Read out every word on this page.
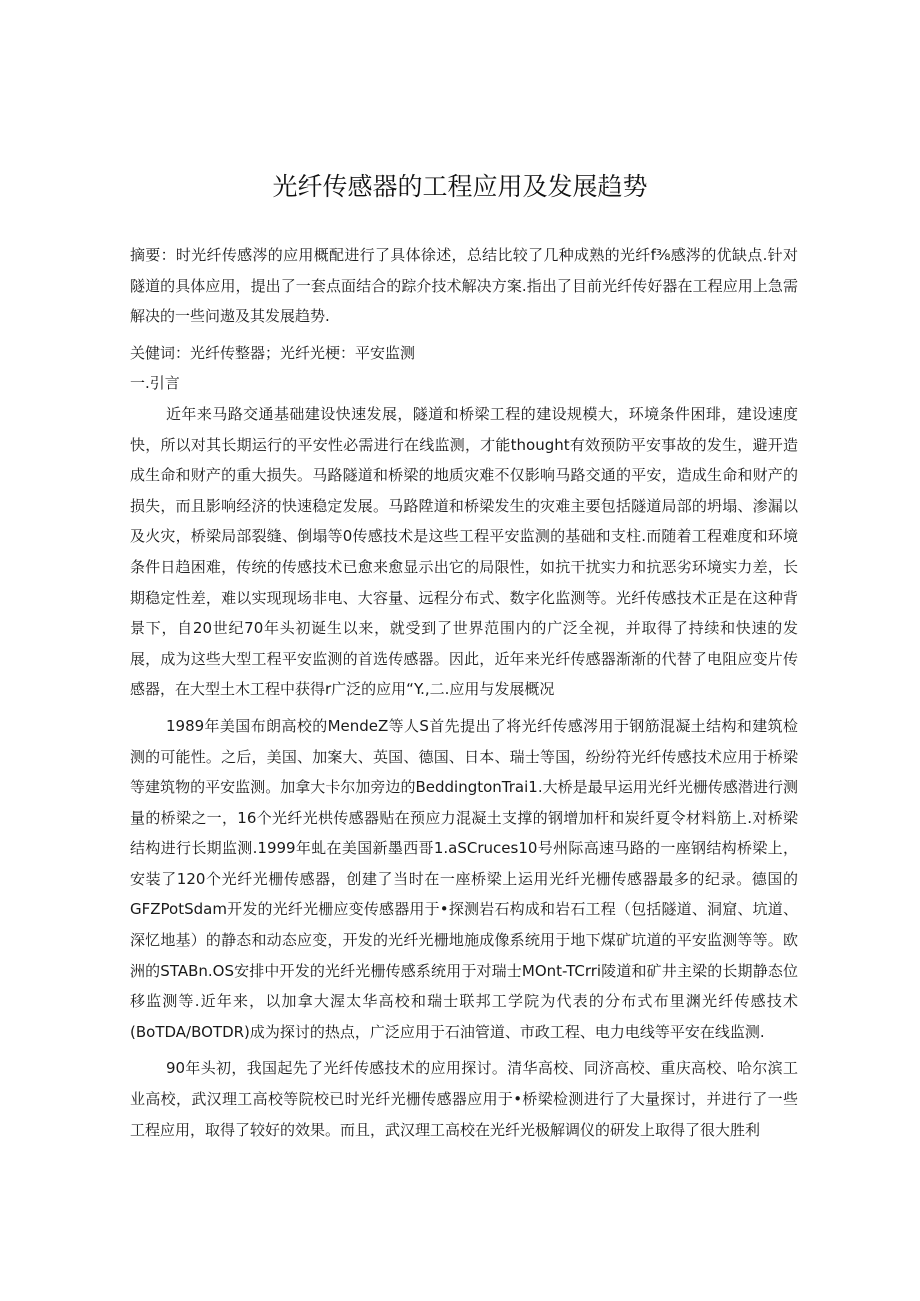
光纤传感器的工程应用及发展趋势

摘要：时光纤传感涔的应用概配进行了具体徐述，总结比较了几种成熟的光纤f⅜感涔的优缺点.针对隧道的具体应用，提出了一套点面结合的踪介技术解决方案.指出了目前光纤传好器在工程应用上急需解决的一些问遨及其发展趋势.

关健词：光纤传整器；光纤光梗：平安监测

一.引言

近年来马路交通基础建设快速发展，隧道和桥梁工程的建设规模大，环境条件困琲，建设速度快，所以对其长期运行的平安性必需进行在线监测，才能thought有效预防平安事故的发生，避开造成生命和财产的重大损失。马路隧道和桥梁的地质灾难不仅影响马路交通的平安，造成生命和财产的损失，而且影响经济的快速稳定发展。马路陞道和桥梁发生的灾难主要包括隧道局部的坍塌、渗漏以及火灾，桥梁局部裂缝、倒塌等0传感技术是这些工程平安监测的基础和支柱.而随着工程难度和环境条件日趋困难，传统的传感技术已愈来愈显示出它的局限性，如抗干扰实力和抗恶劣环境实力差，长期稳定性差，难以实现现场非电、大容量、远程分布式、数字化监测等。光纤传感技术正是在这种背景下，自20世纪70年头初诞生以来，就受到了世界范围内的广泛全视，并取得了持续和快速的发展，成为这些大型工程平安监测的首选传感器。因此，近年来光纤传感器渐渐的代替了电阻应变片传感器，在大型土木工程中获得r广泛的应用“Y.,二.应用与发展概况

1989年美国布朗高校的MendeZ等人S首先提出了将光纤传感涔用于钢筋混凝土结构和建筑检测的可能性。之后，美国、加案大、英国、德国、日本、瑞士等国，纷纷符光纤传感技术应用于桥梁等建筑物的平安监测。加拿大卡尔加旁边的BeddingtonTrai1.大桥是最早运用光纤光栅传感潜进行测量的桥梁之一，16个光纤光栱传感器贴在预应力混凝土支撑的钢增加杆和炭纤夏令材料筋上.对桥梁结构进行长期监测.1999年虬在美国新墨西哥1.aSCruces10号州际高速马路的一座钢结构桥梁上，安装了120个光纤光栅传感器，创建了当时在一座桥梁上运用光纤光栅传感器最多的纪录。德国的GFZPotSdam开发的光纤光栅应变传感器用于•探测岩石构成和岩石工程（包括隧道、洞窟、坑道、深忆地基）的静态和动态应变，开发的光纤光栅地施成像系统用于地下煤矿坑道的平安监测等等。欧洲的STABn.OS安排中开发的光纤光栅传感系统用于对瑞士MOnt-TCrri陵道和矿井主梁的长期静态位移监测等.近年来，以加拿大渥太华高校和瑞士联邦工学院为代表的分布式布里渊光纤传感技术(BoTDA/BOTDR)成为探讨的热点，广泛应用于石油管道、市政工程、电力电线等平安在线监测.

90年头初，我国起先了光纤传感技术的应用探讨。清华高校、同济高校、重庆高校、哈尔滨工业高校，武汉理工高校等院校已时光纤光栅传感器应用于•桥梁检测进行了大量探讨，并进行了一些工程应用，取得了较好的效果。而且，武汉理工高校在光纤光极解调仪的研发上取得了很大胜利
